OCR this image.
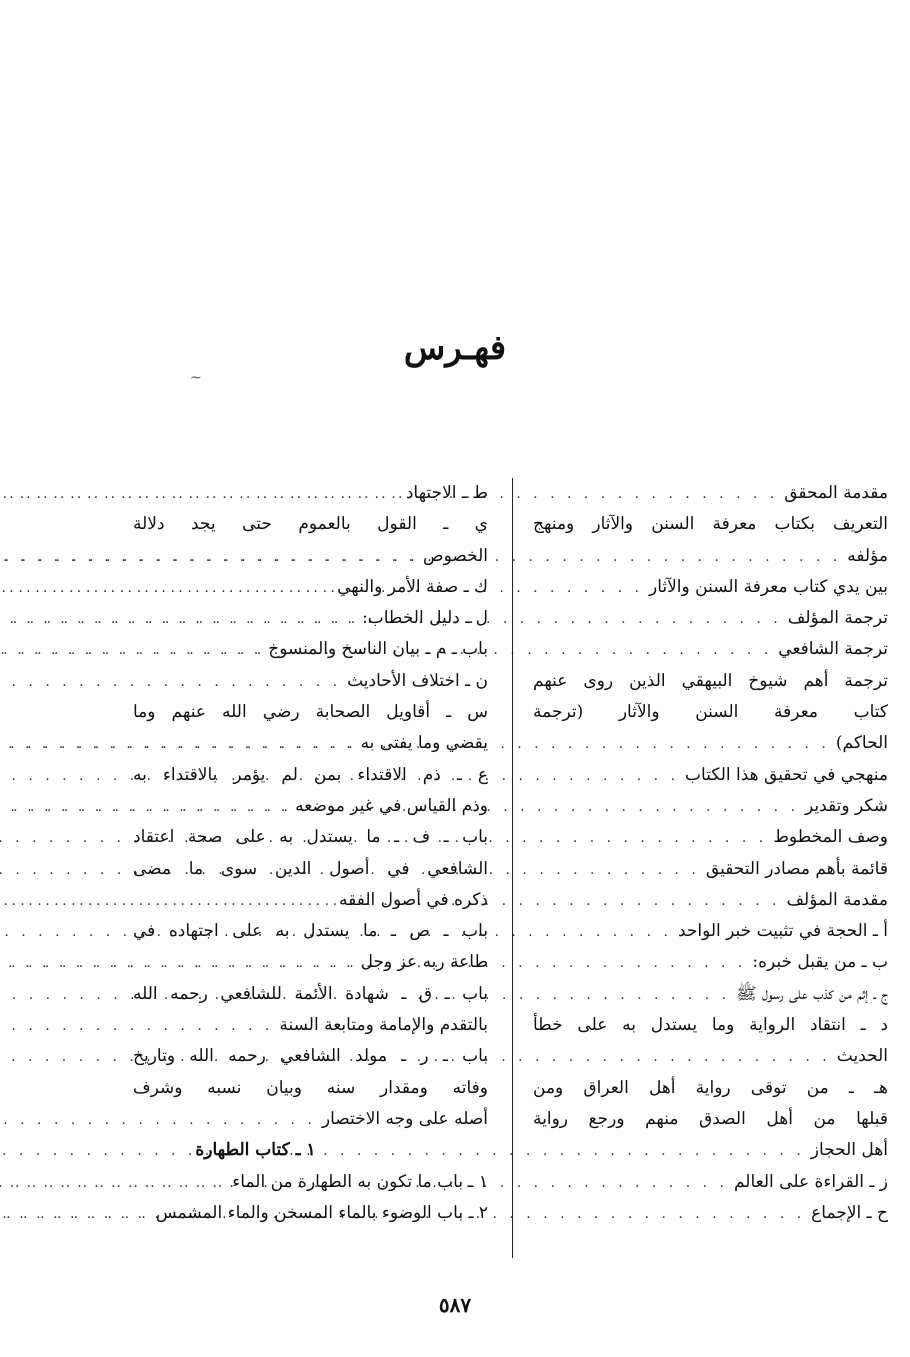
فهـرس
~
مقدمة المحقق
. . .
التعريف بكتاب معرفة السنن والآثار ومنهج
مؤلفه
. . .
بين يدي كتاب معرفة السنن والآثار
. . .
ترجمة المؤلف
. . .
ترجمة الشافعي
. . .
ترجمة أهم شيوخ البيهقي الذين روى عنهم
كتاب معرفة السنن والآثار (ترجمة
الحاكم)
. . .
منهجي في تحقيق هذا الكتاب
. . .
شكر وتقدير
. . .
وصف المخطوط
. . .
قائمة بأهم مصادر التحقيق
. . .
مقدمة المؤلف
. . .
أ ـ الحجة في تثبيت خبر الواحد
. . .
ب ـ من يقبل خبره:
. . .
ج ـ إثم من كذب على رسول ﷺ
. . .
د ـ انتقاد الرواية وما يستدل به على خطأ
الحديث
. . .
هـ ـ من توقى رواية أهل العراق ومن
قبلها من أهل الصدق منهم ورجع رواية
أهل الحجاز
. . .
ز ـ القراءة على العالم
. . .
ح ـ الإجماع
. . .
ط ـ الاجتهاد
. . .
ي ـ القول بالعموم حتى يجد دلالة
الخصوص
. . .
ك ـ صفة الأمر والنهي
. . .
ل ـ دليل الخطاب:
. . .
باب ـ م ـ بيان الناسخ والمنسوخ
. . .
ن ـ اختلاف الأحاديث
. . .
س ـ أقاويل الصحابة رضي الله عنهم وما
يقضي وما يفتى به
. . .
ع ـ ذم الاقتداء بمن لم يؤمر بالاقتداء به
وذم القياس في غير موضعه
. . .
باب ـ ف ـ ما يستدل به على صحة اعتقاد
الشافعي في أصول الدين سوى ما مضى
ذكره في أصول الفقه
. . .
باب ـ ص ـ ما يستدل به على اجتهاده في
طاعة ربه عز وجل
. . .
باب ـ ق ـ شهادة الأئمة للشافعي رحمه الله
بالتقدم والإمامة ومتابعة السنة
. . .
باب ـ ر ـ مولد الشافعي رحمه الله وتاريخ
وفاته ومقدار سنه وبيان نسبه وشرف
أصله على وجه الاختصار
. . .
١ ـ كتاب الطهارة
١ ـ باب ما تكون به الطهارة من الماء
. . .
٢ ـ باب الوضوء بالماء المسخن والماء المشمس
. . .
٥٨٧
